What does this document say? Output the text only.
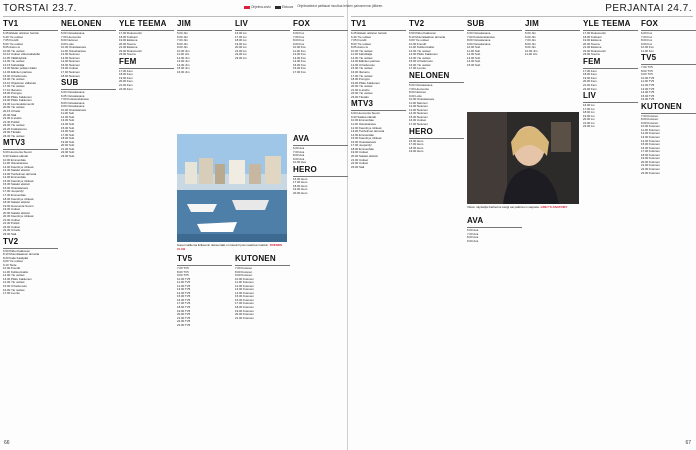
TORSTAI 23.7.
TV1
6.25 Elävän arkiston helmiä
6.40 Yle uutiset
7.05 Frendit
8.00 Yle uutiset
8.05 Aamu-tv
10.00 Yle uutiset
10.10 Uutiset viittomakielellä
11.05 Välähdyksiä
12.00 Yle uutiset
12.15 Kahvikalja
13.00 Mulan poikien ikään
14.00 Eläinten parissa
15.00 Urheiluruutu
16.00 Yle uutiset
16.10 Ohjelmien välisissä
17.00 Yle uutiset
17.10 Iltaruutu
18.00 Pomppu
18.30 Pikku Kakkonen
19.00 Pikku Kakkonen
19.30 Luontodokumentti
20.00 Yle uutiset
20.15 Urheilu
20.30 Sää
21.00 A-studio
21.40 Poliisit
22.00 Yle uutiset
22.20 Kotikatsomo
23.00 Tänään
23.30 Yle uutiset
MTV3
6.00 Huomenta Suomi
9.30 Salatut elämät
10.00 Emmerdale
11.00 Ostoskanava
12.00 Kauniit ja rohkeat
12.30 Salatut elämät
13.00 Tukholman tarinoita
14.00 Emmerdale
15.00 Kauniit ja rohkeat
15.30 Salatut elämät
16.00 Ostoskanava
17.00 Jeopardy!
17.30 Emmerdale
18.00 Kauniit ja rohkeat
18.30 Salatut elämät
19.00 Huomenta Suomi
19.30 Uutiset
20.00 Salatut elämät
20.30 Kauniit ja rohkeat
21.00 Uutiset
21.30 Poliisit
22.00 Uutiset
22.30 Urheilu
23.00 Sää
TV2
6.50 Pikku Kakkonen
8.10 Muumilaakson tarinoita
8.20 Kalle Kaalipää
9.00 Yle uutiset
9.10 Tiede
10.00 Frendit
11.00 Kulttuurivaltio
12.00 Yle uutiset
13.00 Pikku Kakkonen
14.00 Yle uutiset
15.00 Urheiluruutu
16.00 Yle uutiset
17.00 Luonto
NELONEN
5.00 Ostoskanava
7.00 Huomenta
8.00 Nelonen
9.00 Lotto
10.00 Ostoskanava
11.00 Ostoskanava
12.00 Nelonen
13.00 Nelonen
14.00 Nelonen
15.00 Nelonen
16.00 Uutiset
17.00 Nelonen
18.00 Nelonen
SUB
6.00 Ostoskanava
6.05 Ostoskanava
7.00 Kotiostoskanava
8.00 Ostoskanava
9.00 Ostoskanava
10.00 Ostoskanava
11.00 Sub
12.00 Sub
13.00 Sub
14.00 Sub
15.00 Sub
16.00 Sub
17.00 Sub
18.00 Sub
19.00 Sub
20.00 Sub
21.00 Sub
22.00 Sub
23.00 Sub
YLE TEEMA
17.00 Dokumentti
18.00 Kulttuuri
19.00 Elokuva
20.00 Teema
21.00 Elokuva
22.00 Dokumentti
23.00 Teema
FEM
17.00 Fem
18.00 Fem
19.00 Fem
20.00 Fem
21.00 Fem
22.00 Fem
JIM
5.00 Jim
6.00 Jim
7.00 Jim
8.00 Jim
9.00 Jim
10.00 Jim
11.00 Jim
12.00 Jim
13.00 Jim
14.00 Jim
15.00 Jim
16.00 Jim
LIV
16.00 Liv
17.00 Liv
18.00 Liv
19.00 Liv
20.00 Liv
21.00 Liv
22.00 Liv
23.00 Liv
FOX
6.00 Fox
7.00 Fox
8.00 Fox
9.00 Fox
10.00 Fox
11.00 Fox
12.00 Fox
13.00 Fox
14.00 Fox
15.00 Fox
16.00 Fox
17.00 Fox
Supermalliema Eriksenin deksemäki on tässä hyvä maailman talokin. FRENDS CLUB
TV5
7.00 TV5
8.00 TV5
9.00 TV5
10.00 TV5
11.00 TV5
12.00 TV5
13.00 TV5
14.00 TV5
15.00 TV5
16.00 TV5
17.00 TV5
18.00 TV5
19.00 TV5
20.00 TV5
21.00 TV5
22.00 TV5
23.00 TV5
KUTONEN
7.00 Kutonen
8.00 Kutonen
9.00 Kutonen
10.00 Kutonen
11.00 Kutonen
12.00 Kutonen
13.00 Kutonen
14.00 Kutonen
15.00 Kutonen
16.00 Kutonen
17.00 Kutonen
18.00 Kutonen
19.00 Kutonen
20.00 Kutonen
21.00 Kutonen
AVA
6.00 Ava
7.00 Ava
8.00 Ava
9.00 Ava
10.00 Ava
HERO
16.00 Hero
17.00 Hero
18.00 Hero
19.00 Hero
20.00 Hero
66
Ohjelma-arvio	Elokuva Ohjelmatiedot palttauat muuttua lehden painomenon jälkeen.	PERJANTAI 24.7.
TV1
6.25 Elävän arkiston helmiä
6.40 Yle uutiset
7.05 Frendit
8.00 Yle uutiset
8.05 Aamu-tv
10.00 Yle uutiset
11.00 Kahvikalja
12.00 Yle uutiset
13.00 Eläinten parissa
14.00 Urheiluruutu
15.00 Yle uutiset
16.00 Iltaruutu
17.00 Yle uutiset
18.00 Pomppu
19.00 Pikku Kakkonen
20.00 Yle uutiset
21.00 A-studio
22.00 Yle uutiset
23.00 Tänään
MTV3
6.00 Huomenta Suomi
9.30 Salatut elämät
10.00 Emmerdale
11.00 Ostoskanava
12.00 Kauniit ja rohkeat
13.00 Tukholman tarinoita
14.00 Emmerdale
15.00 Kauniit ja rohkeat
16.00 Ostoskanava
17.00 Jeopardy!
18.00 Emmerdale
19.00 Uutiset
20.00 Salatut elämät
21.00 Uutiset
22.00 Uutiset
23.00 Sää
TV2
6.50 Pikku Kakkonen
8.10 Muumilaakson tarinoita
9.00 Yle uutiset
10.00 Frendit
11.00 Kulttuurivaltio
12.00 Yle uutiset
13.00 Pikku Kakkonen
14.00 Yle uutiset
15.00 Urheiluruutu
16.00 Yle uutiset
17.00 Luonto
NELONEN
5.00 Ostoskanava
7.00 Huomenta
8.00 Nelonen
9.00 Lotto
10.00 Ostoskanava
11.00 Nelonen
12.00 Nelonen
13.00 Nelonen
14.00 Nelonen
15.00 Nelonen
16.00 Uutiset
17.00 Nelonen
HERO
16.00 Hero
17.00 Hero
18.00 Hero
19.00 Hero
SUB
6.00 Ostoskanava
7.00 Kotiostoskanava
8.00 Ostoskanava
9.00 Ostoskanava
10.00 Sub
11.00 Sub
12.00 Sub
13.00 Sub
14.00 Sub
15.00 Sub
JIM
5.00 Jim
6.00 Jim
7.00 Jim
8.00 Jim
9.00 Jim
10.00 Jim
11.00 Jim
YLE TEEMA
17.00 Dokumentti
18.00 Kulttuuri
19.00 Elokuva
20.00 Teema
21.00 Elokuva
22.00 Dokumentti
23.00 Teema
FEM
17.00 Fem
18.00 Fem
19.00 Fem
20.00 Fem
21.00 Fem
22.00 Fem
LIV
16.00 Liv
17.00 Liv
18.00 Liv
19.00 Liv
20.00 Liv
21.00 Liv
22.00 Liv
FOX
6.00 Fox
7.00 Fox
8.00 Fox
9.00 Fox
10.00 Fox
11.00 Fox
TV5
7.00 TV5
8.00 TV5
9.00 TV5
10.00 TV5
11.00 TV5
12.00 TV5
13.00 TV5
14.00 TV5
15.00 TV5
16.00 TV5
KUTONEN
7.00 Kutonen
8.00 Kutonen
9.00 Kutonen
10.00 Kutonen
11.00 Kutonen
12.00 Kutonen
13.00 Kutonen
14.00 Kutonen
15.00 Kutonen
16.00 Kutonen
17.00 Kutonen
18.00 Kutonen
19.00 Kutonen
20.00 Kutonen
21.00 Kutonen
22.00 Kutonen
23.00 Kutonen
Viikon näyttelijä Katherine Heigl sai palkinnon sarjasta. GREY'S ANATOMY
AVA
6.00 Ava
7.00 Ava
8.00 Ava
9.00 Ava
67
